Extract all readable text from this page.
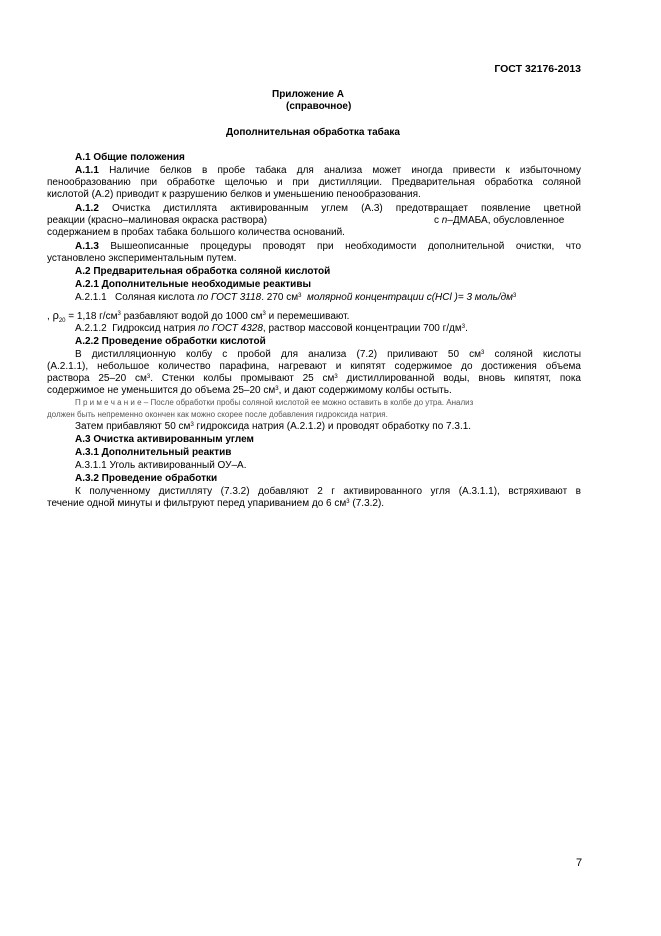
ГОСТ 32176-2013
Приложение А
(справочное)
Дополнительная обработка табака
А.1 Общие положения
А.1.1 Наличие белков в пробе табака для анализа может иногда привести к избыточному
пенообразованию при обработке щелочью и при дистилляции. Предварительная обработка соляной
кислотой (А.2) приводит к разрушению белков и уменьшению пенообразования.
А.1.2 Очистка дистиллята активированным углем (А.3) предотвращает появление цветной
реакции (красно–малиновая окраска раствора)	с n–ДМАБА, обусловленное
содержанием в пробах табака большого количества оснований.
А.1.3 Вышеописанные процедуры проводят при необходимости дополнительной очистки, что
установлено экспериментальным путем.
А.2 Предварительная обработка соляной кислотой
А.2.1 Дополнительные необходимые реактивы
А.2.1.1 Соляная кислота по ГОСТ 3118. 270 $см^3$ молярной концентрации c(HCl )= 3 моль/$дм^3$
, $\rho_{20} = 1,18$ $г/см^3$ разбавляют водой до 1000 $см^3$ и перемешивают.
А.2.1.2 Гидроксид натрия по ГОСТ 4328, раствор массовой концентрации 700 $г/дм^3$.
А.2.2 Проведение обработки кислотой
В дистилляционную колбу с пробой для анализа (7.2) приливают 50 $см^3$ соляной кислоты
(А.2.1.1), небольшое количество парафина, нагревают и кипятят содержимое до достижения объема
раствора 25–20 $см^3$. Стенки колбы промывают 25 $см^3$ дистиллированной воды, вновь кипятят, пока
содержимое не уменьшится до объема 25–20 $см^3$, и дают содержимому колбы остыть.
П р и м е ч а н и е – После обработки пробы соляной кислотой ее можно оставить в колбе до утра. Анализ
должен быть непременно окончен как можно скорее после добавления гидроксида натрия.
Затем прибавляют 50 $см^3$ гидроксида натрия (А.2.1.2) и проводят обработку по 7.3.1.
А.3 Очистка активированным углем
А.3.1 Дополнительный реактив
А.3.1.1 Уголь активированный ОУ–А.
А.3.2 Проведение обработки
К полученному дистилляту (7.3.2) добавляют 2 г активированного угля (А.3.1.1), встряхивают в
течение одной минуты и фильтруют перед упариванием до 6 $см^3$ (7.3.2).
7
